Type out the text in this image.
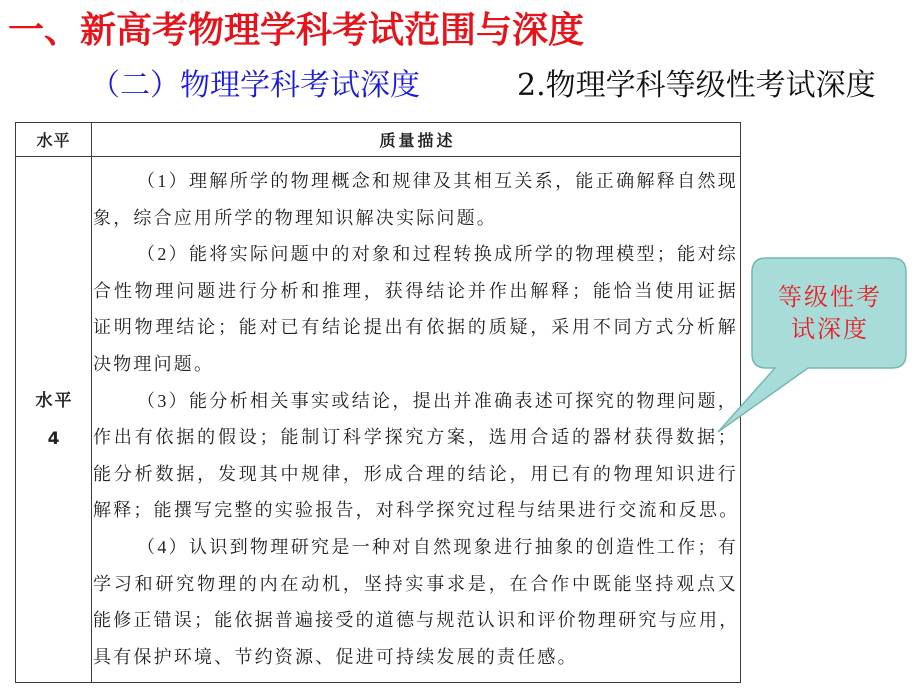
一、新高考物理学科考试范围与深度
（二）物理学科考试深度	2.物理学科等级性考试深度
水平	质量描述
水平
4
（1）理解所学的物理概念和规律及其相互关系，能正确解释自然现
象，综合应用所学的物理知识解决实际问题。
（2）能将实际问题中的对象和过程转换成所学的物理模型；能对综
合性物理问题进行分析和推理，获得结论并作出解释；能恰当使用证据
证明物理结论；能对已有结论提出有依据的质疑，采用不同方式分析解
决物理问题。
（3）能分析相关事实或结论，提出并准确表述可探究的物理问题，
作出有依据的假设；能制订科学探究方案，选用合适的器材获得数据；
能分析数据，发现其中规律，形成合理的结论，用已有的物理知识进行
解释；能撰写完整的实验报告，对科学探究过程与结果进行交流和反思。
（4）认识到物理研究是一种对自然现象进行抽象的创造性工作；有
学习和研究物理的内在动机，坚持实事求是，在合作中既能坚持观点又
能修正错误；能依据普遍接受的道德与规范认识和评价物理研究与应用，
具有保护环境、节约资源、促进可持续发展的责任感。
等级性考试深度
